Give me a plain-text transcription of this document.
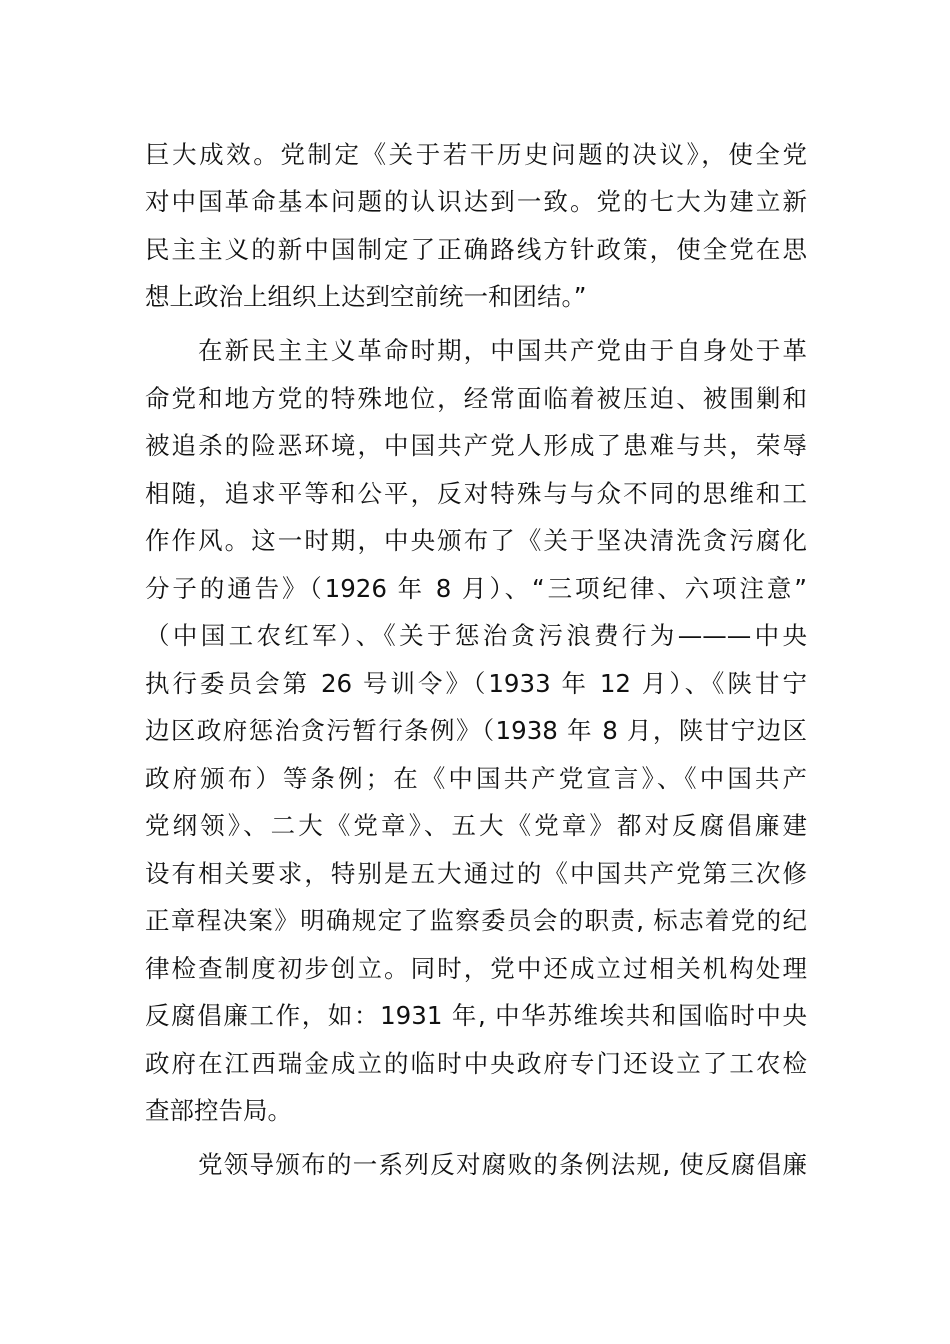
巨大成效。党制定《关于若干历史问题的决议》，使全党
对中国革命基本问题的认识达到一致。党的七大为建立新
民主主义的新中国制定了正确路线方针政策，使全党在思
想上政治上组织上达到空前统一和团结。”
在新民主主义革命时期，中国共产党由于自身处于革
命党和地方党的特殊地位，经常面临着被压迫、被围剿和
被追杀的险恶环境，中国共产党人形成了患难与共，荣辱
相随，追求平等和公平，反对特殊与与众不同的思维和工
作作风。这一时期，中央颁布了《关于坚决清洗贪污腐化
分子的通告》（1926 年 8 月）、“三项纪律、六项注意”
（中国工农红军）、《关于惩治贪污浪费行为———中央
执行委员会第 26 号训令》（1933 年 12 月）、《陕甘宁
边区政府惩治贪污暂行条例》（1938 年 8 月，陕甘宁边区
政府颁布）等条例；在《中国共产党宣言》、《中国共产
党纲领》、二大《党章》、五大《党章》都对反腐倡廉建
设有相关要求，特别是五大通过的《中国共产党第三次修
正章程决案》明确规定了监察委员会的职责, 标志着党的纪
律检查制度初步创立。同时，党中还成立过相关机构处理
反腐倡廉工作，如：1931 年, 中华苏维埃共和国临时中央
政府在江西瑞金成立的临时中央政府专门还设立了工农检
查部控告局。
党领导颁布的一系列反对腐败的条例法规, 使反腐倡廉
